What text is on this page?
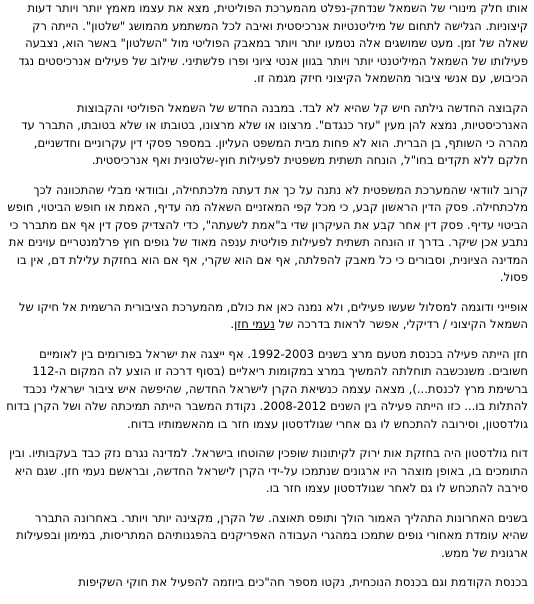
אותו חלק מינורי של השמאל שנדחק-נפלט מהמערכת הפוליטית, מצא את עצמו מאמץ יותר ויותר דעות קיצוניות. הגלישה לתחום של מיליטנטיות אנרכיסטית ואיבה לכל המשתמע מהמושג "שלטון". הייתה רק שאלה של זמן. מעט שמושגים אלה נטמעו יותר ויותר במאבק הפוליטי מול "השלטון" באשר הוא, נצבעה פעילותו של השמאל המיליטנטי יותר ויותר בגוון אנטי ציוני ופרו פלשתיני. שילוב של פעילים אנרכיסטים נגד הכיבוש, עם אנשי ציבור מהשמאל הקיצוני חיזק מגמה זו.

הקבוצה החדשה גילתה חיש קל שהיא לא לבד. במבנה החדש של השמאל הפוליטי והקבוצות האנרכיסטיות, נמצא להן מעין "עזר כנגדם". מרצונו או שלא מרצונו, בטובתו או שלא בטובתו, התברר עד מהרה כי השותף, בן הברית. הוא לא פחות מבית המשפט העליון. במספר פסקי דין עקרוניים וחדשניים, חלקם ללא תקדים בחו"ל, הונחה תשתית משפטית לפעילות חוץ-שלטונית ואף אנרכיסטית.

קרוב לוודאי שהמערכת המשפטית לא נתנה על כך את דעתה מלכתחילה, ובוודאי מבלי שהתכוונה לכך מלכתחילה. פסק הדין הראשון קבע, כי מכל קפי המאזניים השאלה מה עדיף, האמת או חופש הביטוי, חופש הביטוי עדיף. פסק דין אחר קבע את העיקרון שדי ב"אמת לשעתה", כדי להצדיק פסק דין אף אם מתברר כי נתבע אכן שיקר. בדרך זו הונחה תשתית לפעילות פוליטית ענפה מאוד של גופים חוץ פרלמנטריים עוינים את המדינה הציונית, וסבורים כי כל מאבק להפלתה, אף אם הוא שקרי, אף אם הוא בחזקת עלילת דם, אין בו פסול.

אופייני ודוגמה למסלול שעשו פעילים, ולא נמנה כאן את כולם, מהמערכת הציבורית הרשמית אל חיקו של השמאל הקיצוני / רדיקלי, אפשר לראות בדרכה של נעמי חזן.

חזן הייתה פעילה בכנסת מטעם מרצ בשנים 1992-2003. אף ייצגה את ישראל בפורומים בין לאומיים חשובים. משנכשבה תוחלתה להמשיך במרצ במקומות ריאליים (בסוף דרכה זו הוצע לה המקום ה-112 ברשימת מרץ לכנסת...), מצאה עצמה כנשיאת הקרן לישראל החדשה, שהיפשה איש ציבור ישראלי נכבד להתלות בו... כזו הייתה פעילה בין השנים 2008-2012. נקודת המשבר הייתה תמיכתה שלה ושל הקרן בדוח גולדסטון, וסירובה להתכחש לו גם אחרי שגולדסטון עצמו חזר בו מהאשמותיו בדוח.

דוח גולדסטון היה בחזקת אות ירוק לקיתונות שופכין שהוטחו בישראל. למדינה נגרם נזק כבד בעקבותיו. ובין התומכים בו, באופן מוצהר היו ארגונים שנתמכו על-ידי הקרן לישראל החדשה, ובראשם נעמי חזן. שגם היא סירבה להתכחש לו גם לאחר שגולדסטון עצמו חזר בו.

בשנים האחרונות התהליך האמור הולך ותופס תאוצה. של הקרן, מקצינה יותר ויותר. באחרונה התברר שהיא עומדת מאחורי גופים שתמכו במהגרי העבודה האפריקנים בהפגנותיהם המתריסות, במימון ובפעילות ארגונית של ממש.

בכנסת הקודמת וגם בכנסת הנוכחית, נקטו מספר חה"כים ביוזמה להפעיל את חוקי השקיפות
